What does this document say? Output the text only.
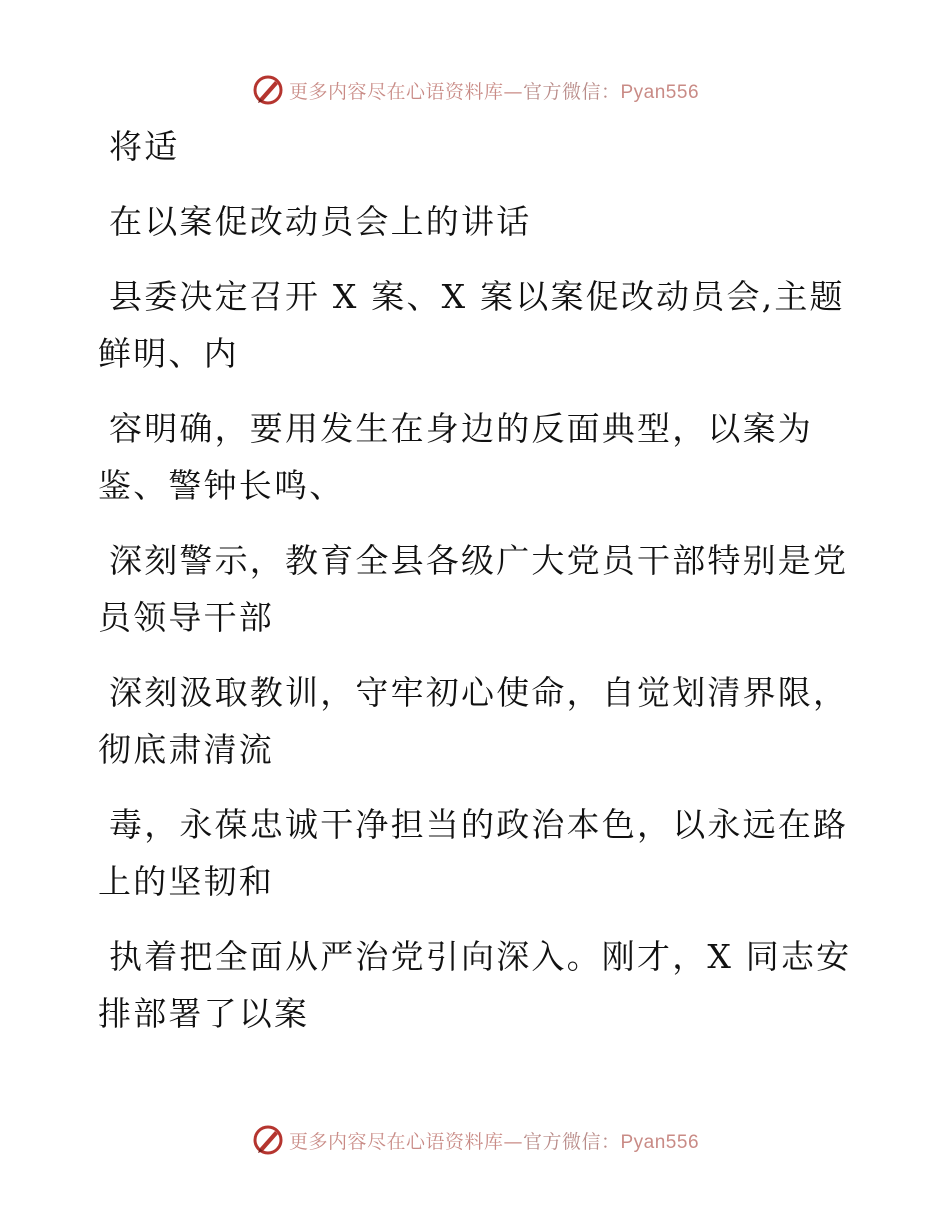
更多内容尽在心语资料库—官方微信：Pyan556

将适

在以案促改动员会上的讲话

县委决定召开 X 案、X 案以案促改动员会,主题
鲜明、内

容明确，要用发生在身边的反面典型，以案为
鉴、警钟长鸣、

深刻警示，教育全县各级广大党员干部特别是党
员领导干部

深刻汲取教训，守牢初心使命，自觉划清界限，
彻底肃清流

毒，永葆忠诚干净担当的政治本色，以永远在路
上的坚韧和

执着把全面从严治党引向深入。刚才，X 同志安
排部署了以案

更多内容尽在心语资料库—官方微信：Pyan556
